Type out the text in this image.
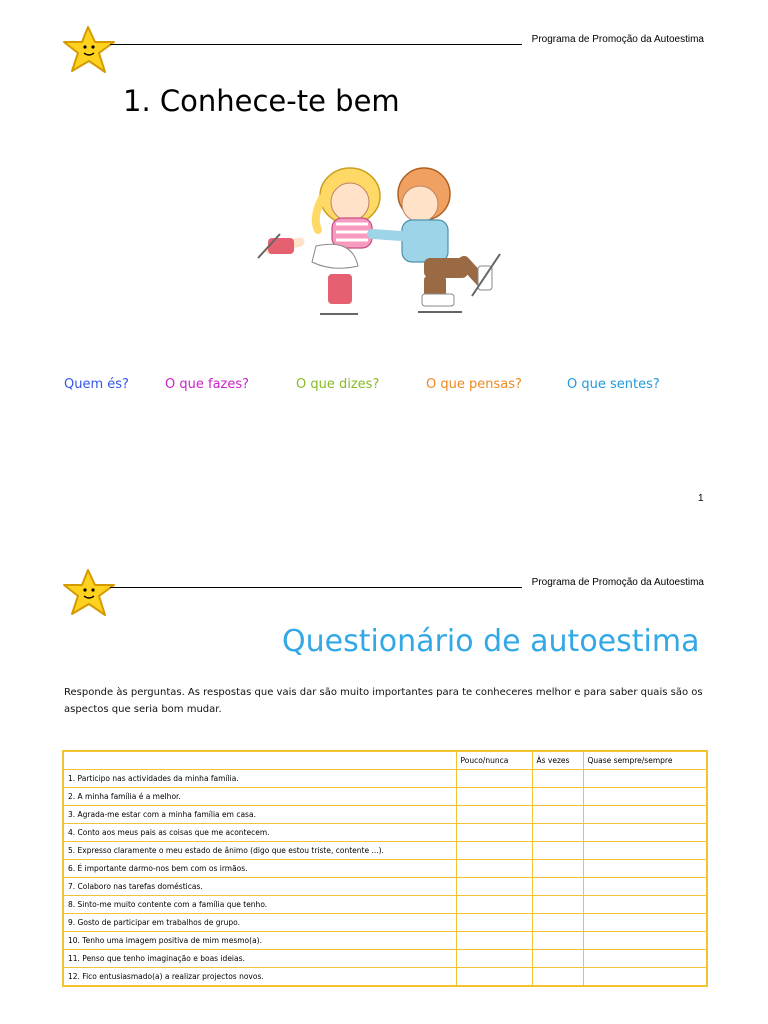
Programa de Promoção da Autoestima
1. Conhece-te bem
Quem és?	O que fazes?	O que dizes?	O que pensas?	O que sentes?
1
Programa de Promoção da Autoestima
Questionário de autoestima

Responde às perguntas. As respostas que vais dar são muito importantes para te conheceres melhor e para saber quais são os aspectos que seria bom mudar.

	Pouco/nunca	Às vezes	Quase sempre/sempre
1. Participo nas actividades da minha família.			
2. A minha família é a melhor.			
3. Agrada-me estar com a minha família em casa.			
4. Conto aos meus pais as coisas que me acontecem.			
5. Expresso claramente o meu estado de ânimo (digo que estou triste, contente ...).			
6. É importante darmo-nos bem com os irmãos.			
7. Colaboro nas tarefas domésticas.			
8. Sinto-me muito contente com a família que tenho.			
9. Gosto de participar em trabalhos de grupo.			
10. Tenho uma imagem positiva de mim mesmo(a).			
11. Penso que tenho imaginação e boas ideias.			
12. Fico entusiasmado(a) a realizar projectos novos.			
